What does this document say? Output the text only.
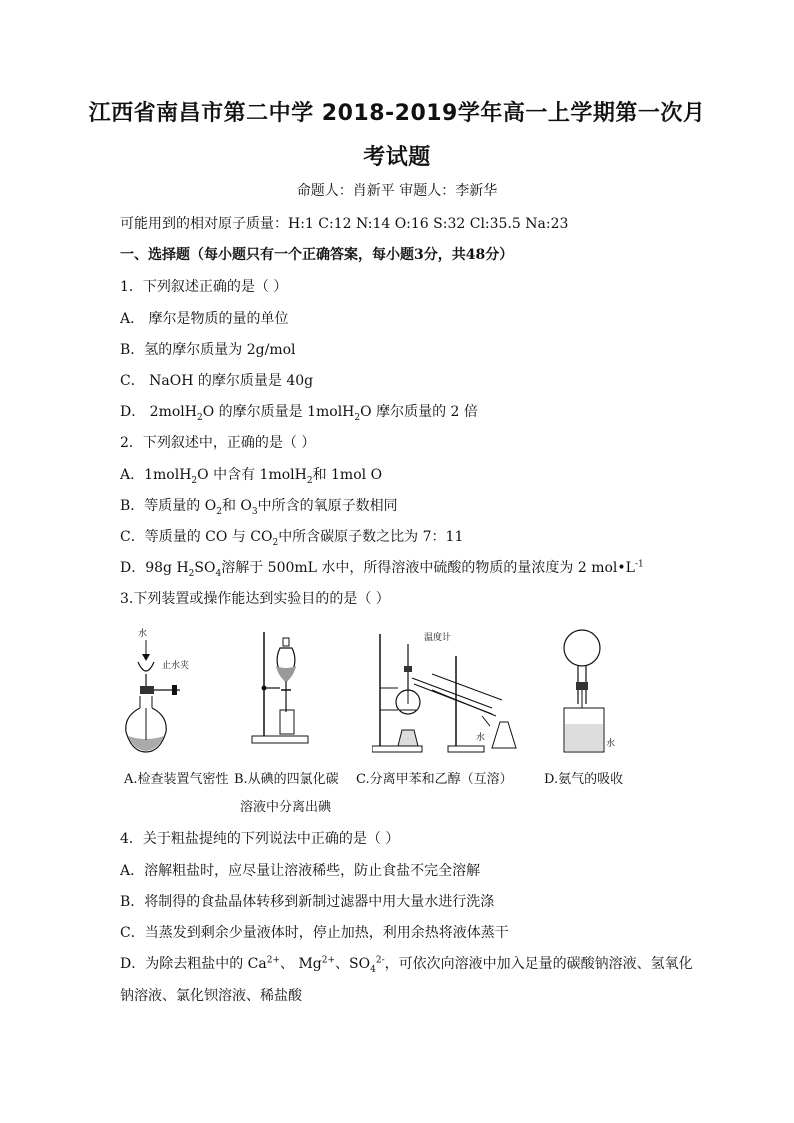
江西省南昌市第二中学 2018-2019学年高一上学期第一次月
考试题
命题人：肖新平 审题人：李新华
可能用到的相对原子质量：H:1 C:12 N:14 O:16 S:32 Cl:35.5 Na:23
一、选择题（每小题只有一个正确答案，每小题3分，共48分）
1．下列叙述正确的是（ ）
A． 摩尔是物质的量的单位
B．氢的摩尔质量为 2g/mol
C． NaOH 的摩尔质量是 40g
D． 2molH$_2$O 的摩尔质量是 1molH$_2$O 摩尔质量的 2 倍
2．下列叙述中，正确的是（ ）
A．1molH$_2$O 中含有 1molH$_2$和 1mol O
B．等质量的 $O_2$和 $O_3$中所含的氧原子数相同
C．等质量的 CO 与 $CO_2$中所含碳原子数之比为 7：11
D．98g $H_2SO_4$溶解于 500mL 水中，所得溶液中硫酸的物质的量浓度为 2 $mol•L^{-1}$
3.下列装置或操作能达到实验目的的是（ ）
水
止水夹
温度计
水
水
A.检查装置气密性 B.从碘的四氯化碳
溶液中分离出碘
C.分离甲苯和乙醇（互溶） D.氨气的吸收
4．关于粗盐提纯的下列说法中正确的是（ ）
A．溶解粗盐时，应尽量让溶液稀些，防止食盐不完全溶解
B．将制得的食盐晶体转移到新制过滤器中用大量水进行洗涤
C．当蒸发到剩余少量液体时，停止加热，利用余热将液体蒸干
D．为除去粗盐中的 $Ca^{2+}$、 $Mg^{2+}$、$SO_4^{2-}$，可依次向溶液中加入足量的碳酸钠溶液、氢氧化
钠溶液、氯化钡溶液、稀盐酸
